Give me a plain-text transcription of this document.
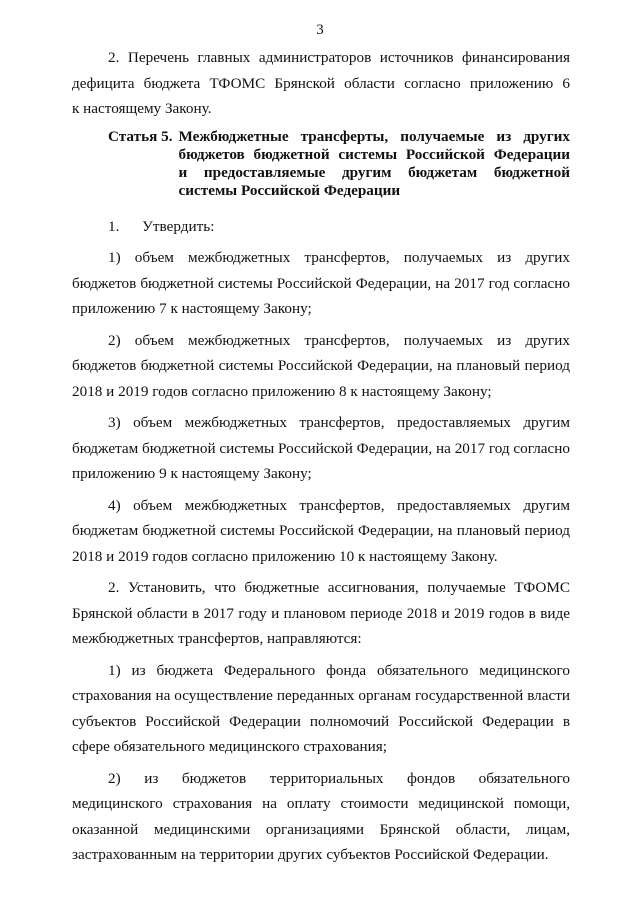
3
2. Перечень главных администраторов источников финансирования
дефицита бюджета ТФОМС Брянской области согласно приложению 6
к настоящему Закону.
Статья 5. Межбюджетные трансферты, получаемые из других
бюджетов бюджетной системы Российской Федерации
и предоставляемые другим бюджетам бюджетной
системы Российской Федерации
1.      Утвердить:
1) объем межбюджетных трансфертов, получаемых из других
бюджетов бюджетной системы Российской Федерации, на 2017 год согласно
приложению 7 к настоящему Закону;
2) объем межбюджетных трансфертов, получаемых из других
бюджетов бюджетной системы Российской Федерации, на плановый период
2018 и 2019 годов согласно приложению 8 к настоящему Закону;
3) объем межбюджетных трансфертов, предоставляемых другим
бюджетам бюджетной системы Российской Федерации, на 2017 год согласно
приложению 9 к настоящему Закону;
4) объем межбюджетных трансфертов, предоставляемых другим
бюджетам бюджетной системы Российской Федерации, на плановый период
2018 и 2019 годов согласно приложению 10 к настоящему Закону.
2. Установить, что бюджетные ассигнования, получаемые ТФОМС
Брянской области в 2017 году и плановом периоде 2018 и 2019 годов в виде
межбюджетных трансфертов, направляются:
1) из бюджета Федерального фонда обязательного медицинского
страхования на осуществление переданных органам государственной власти
субъектов Российской Федерации полномочий Российской Федерации в
сфере обязательного медицинского страхования;
2) из бюджетов территориальных фондов обязательного
медицинского страхования на оплату стоимости медицинской помощи,
оказанной медицинскими организациями Брянской области, лицам,
застрахованным на территории других субъектов Российской Федерации.
